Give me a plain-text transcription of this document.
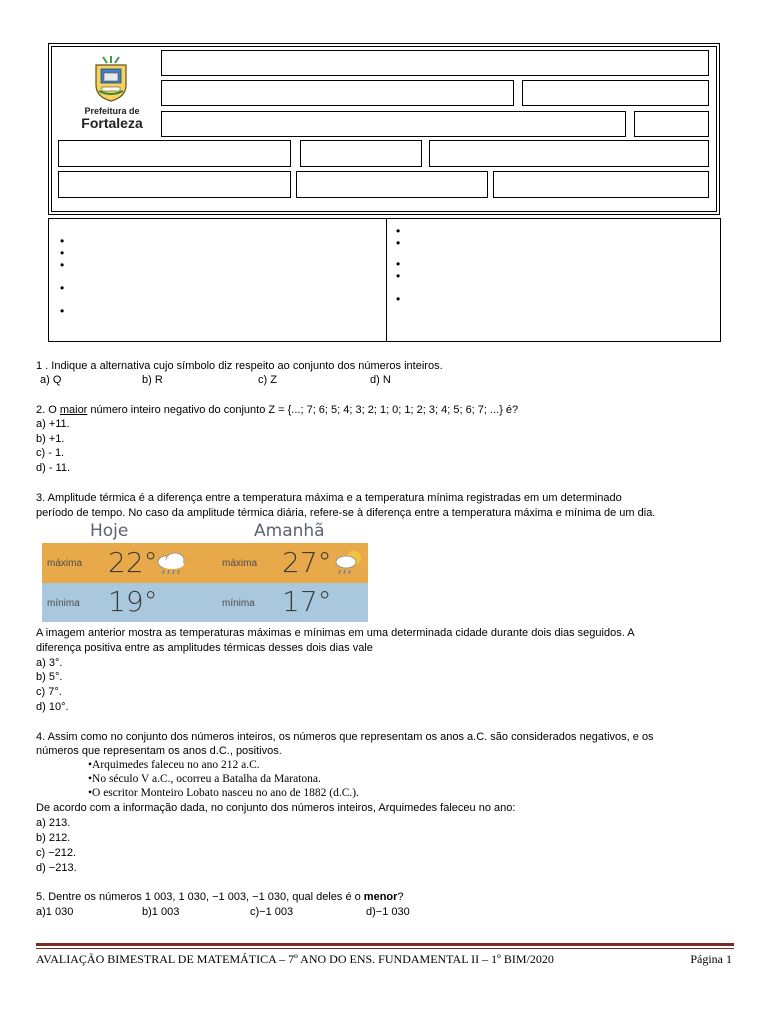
Prefeitura de
Fortaleza
•
•
•
•
•
•
•
•
•
•
1 . Indique a alternativa cujo símbolo diz respeito ao conjunto dos números inteiros.
a) Q	b) R	c) Z	d) N
2. O maior número inteiro negativo do conjunto Z = {...; 7; 6; 5; 4; 3; 2; 1; 0; 1; 2; 3; 4; 5; 6; 7; ...} é?
a) +11.
b) +1.
c) - 1.
d) - 11.
3. Amplitude térmica é a diferença entre a temperatura máxima e a temperatura mínima registradas em um determinado
período de tempo. No caso da amplitude térmica diária, refere-se à diferença entre a temperatura máxima e mínima de um dia.
Hoje	Amanhã
máxima 22°	máxima 27°
mínima 19°	mínima 17°
A imagem anterior mostra as temperaturas máximas e mínimas em uma determinada cidade durante dois dias seguidos. A
diferença positiva entre as amplitudes térmicas desses dois dias vale
a) 3°.
b) 5°.
c) 7°.
d) 10°.
4. Assim como no conjunto dos números inteiros, os números que representam os anos a.C. são considerados negativos, e os
números que representam os anos d.C., positivos.
•Arquimedes faleceu no ano 212 a.C.
•No século V a.C., ocorreu a Batalha da Maratona.
•O escritor Monteiro Lobato nasceu no ano de 1882 (d.C.).
De acordo com a informação dada, no conjunto dos números inteiros, Arquimedes faleceu no ano:
a) 213.
b) 212.
c) −212.
d) −213.
5. Dentre os números 1 003, 1 030, −1 003, −1 030, qual deles é o menor?
a)1 030	b)1 003	c)−1 003	d)−1 030
AVALIAÇÃO BIMESTRAL DE MATEMÁTICA – 7º ANO DO ENS. FUNDAMENTAL II – 1º BIM/2020	Página 1
